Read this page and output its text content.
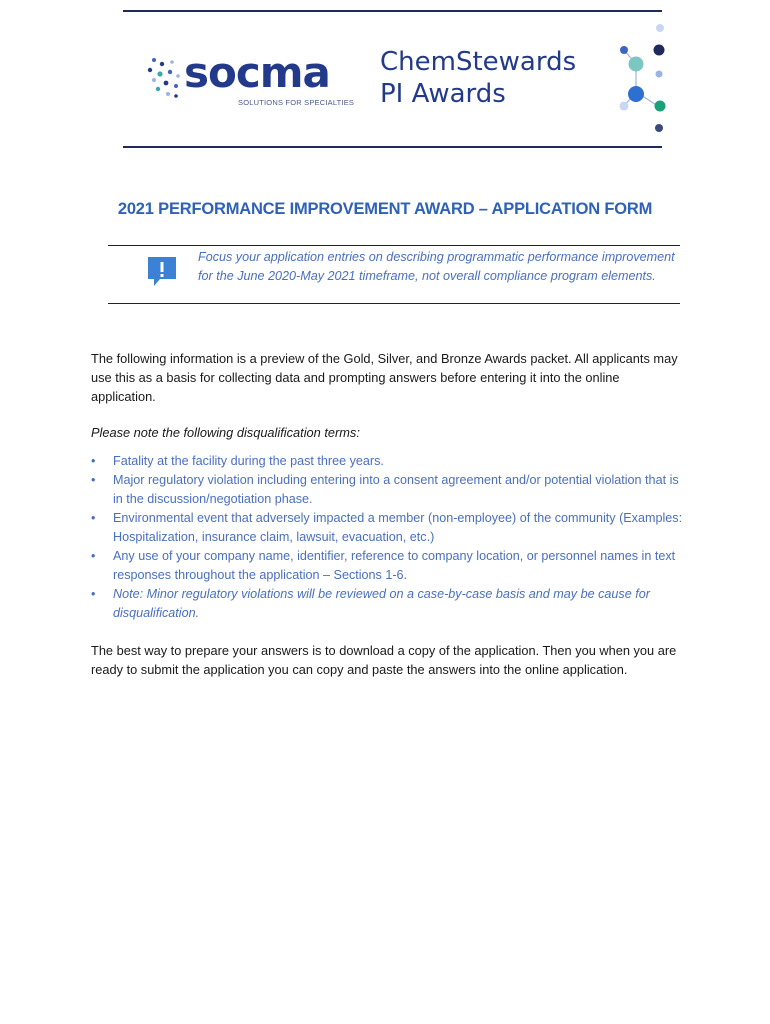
socma
SOLUTIONS FOR SPECIALTIES
ChemStewards
PI Awards
2021 PERFORMANCE IMPROVEMENT AWARD – APPLICATION FORM
Focus your application entries on describing programmatic performance improvement for the June 2020-May 2021 timeframe, not overall compliance program elements.

The following information is a preview of the Gold, Silver, and Bronze Awards packet. All applicants may use this as a basis for collecting data and prompting answers before entering it into the online application.

Please note the following disqualification terms:
• Fatality at the facility during the past three years.
• Major regulatory violation including entering into a consent agreement and/or potential violation that is in the discussion/negotiation phase.
• Environmental event that adversely impacted a member (non-employee) of the community (Examples: Hospitalization, insurance claim, lawsuit, evacuation, etc.)
• Any use of your company name, identifier, reference to company location, or personnel names in text responses throughout the application – Sections 1-6.
• Note: Minor regulatory violations will be reviewed on a case-by-case basis and may be cause for disqualification.

The best way to prepare your answers is to download a copy of the application. Then you when you are ready to submit the application you can copy and paste the answers into the online application.
